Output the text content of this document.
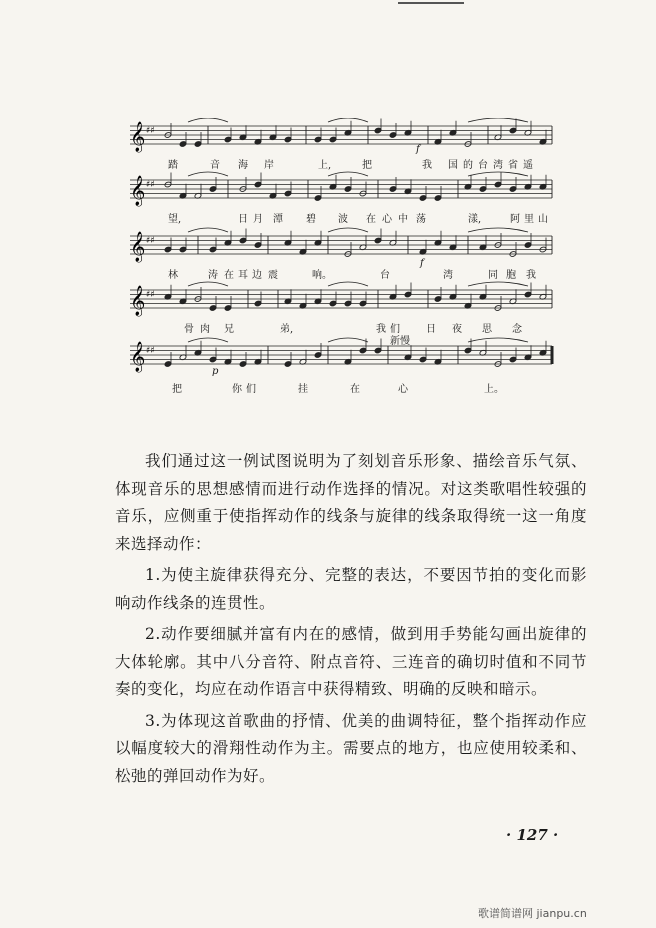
𝄞 ♯♯
𝄞 ♯♯
𝄞 ♯♯
𝄞 ♯♯
𝄞 ♯♯
踏	音 海 岸	上,	把	我 国 的 台 湾 省 遥
望,	日 月 潭 碧 波 在 心 中 荡	漾,	阿 里 山
林	涛 在 耳 边 震	响。	台	湾	同 胞 我
骨 肉 兄	弟,	我 们	日 夜 思 念
把	你 们	挂	在	心	上。
f
f
p
新慢

我们通过这一例试图说明为了刻划音乐形象、描绘音乐气氛、体现音乐的思想感情而进行动作选择的情况。对这类歌唱性较强的音乐，应侧重于使指挥动作的线条与旋律的线条取得统一这一角度来选择动作：

1.为使主旋律获得充分、完整的表达，不要因节拍的变化而影响动作线条的连贯性。

2.动作要细腻并富有内在的感情，做到用手势能勾画出旋律的大体轮廓。其中八分音符、附点音符、三连音的确切时值和不同节奏的变化，均应在动作语言中获得精致、明确的反映和暗示。

3.为体现这首歌曲的抒情、优美的曲调特征，整个指挥动作应以幅度较大的滑翔性动作为主。需要点的地方，也应使用较柔和、松弛的弹回动作为好。

· 127 ·
歌谱简谱网 jianpu.cn
